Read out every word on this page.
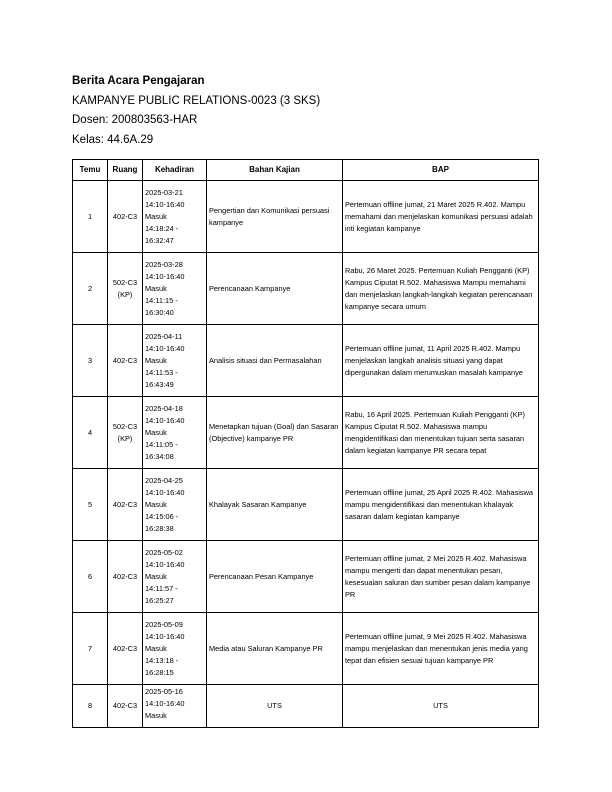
Berita Acara Pengajaran
KAMPANYE PUBLIC RELATIONS-0023 (3 SKS)
Dosen: 200803563-HAR
Kelas: 44.6A.29
Temu	Ruang	Kehadiran	Bahan Kajian	BAP
1	402-C3	2025-03-21
14:10-16:40
Masuk
14:18:24 -
16:32:47	Pengertian dan Komunikasi persuasi kampanye	Pertemuan offline jumat, 21 Maret 2025 R.402. Mampu memahami dan menjelaskan komunikasi persuasi adalah inti kegiatan kampanye
2	502-C3 (KP)	2025-03-28
14:10-16:40
Masuk
14:11:15 -
16:30:40	Perencanaan Kampanye	Rabu, 26 Maret 2025. Pertemuan Kuliah Pengganti (KP) Kampus Ciputat R.502. Mahasiswa Mampu memahami dan menjelaskan langkah-langkah kegiatan perencanaan kampanye secara umum
3	402-C3	2025-04-11
14:10-16:40
Masuk
14:11:53 -
16:43:49	Analisis situasi dan Permasalahan	Pertemuan offline jumat, 11 April 2025 R.402. Mampu menjelaskan langkah analisis situasi yang dapat dipergunakan dalam merumuskan masalah kampanye
4	502-C3 (KP)	2025-04-18
14:10-16:40
Masuk
14:11:05 -
16:34:08	Menetapkan tujuan (Goal) dan Sasaran (Objective) kampanye PR	Rabu, 16 April 2025. Pertemuan Kuliah Pengganti (KP) Kampus Ciputat R.502. Mahasiswa mampu mengidentifikasi dan menentukan tujuan serta sasaran dalam kegiatan kampanye PR secara tepat
5	402-C3	2025-04-25
14:10-16:40
Masuk
14:15:06 -
16:28:38	Khalayak Sasaran Kampanye	Pertemuan offline jumat, 25 April 2025 R.402. Mahasiswa mampu mengidentifikasi dan menentukan khalayak sasaran dalam kegiatan kampanye
6	402-C3	2025-05-02
14:10-16:40
Masuk
14:11:57 -
16:25:27	Perencanaan Pesan Kampanye	Pertemuan offline jumat, 2 Mei 2025 R.402. Mahasiswa mampu mengerti dan dapat menentukan pesan, kesesuaian saluran dan sumber pesan dalam kampanye PR
7	402-C3	2025-05-09
14:10-16:40
Masuk
14:13:18 -
16:28:15	Media atau Saluran Kampanye PR	Pertemuan offline jumat, 9 Mei 2025 R.402. Mahasiswa mampu menjelaskan dan menentukan jenis media yang tepat dan efisien sesuai tujuan kampanye PR
8	402-C3	2025-05-16
14:10-16:40
Masuk	UTS	UTS
